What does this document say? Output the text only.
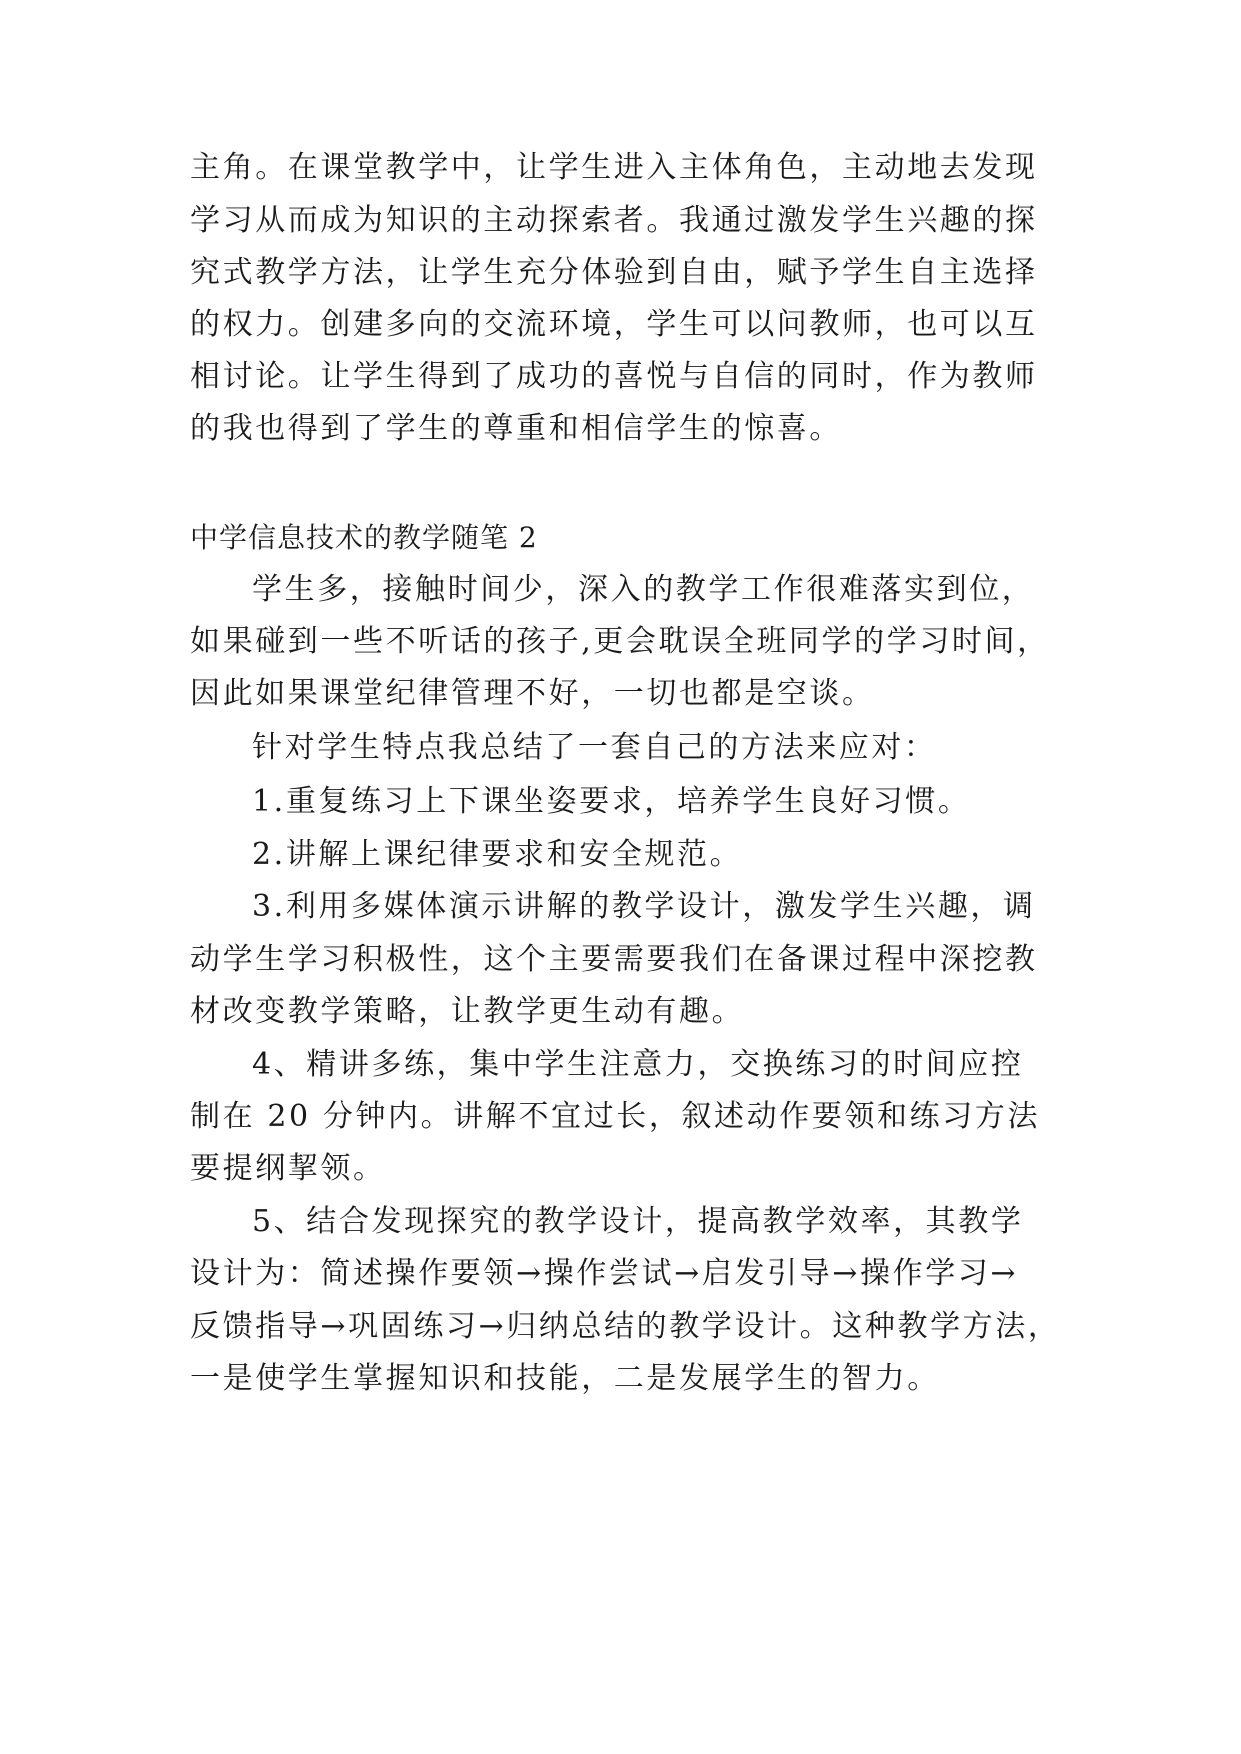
主角。在课堂教学中，让学生进入主体角色，主动地去发现
学习从而成为知识的主动探索者。我通过激发学生兴趣的探
究式教学方法，让学生充分体验到自由，赋予学生自主选择
的权力。创建多向的交流环境，学生可以问教师，也可以互
相讨论。让学生得到了成功的喜悦与自信的同时，作为教师
的我也得到了学生的尊重和相信学生的惊喜。
中学信息技术的教学随笔 2
学生多，接触时间少，深入的教学工作很难落实到位，
如果碰到一些不听话的孩子,更会耽误全班同学的学习时间，
因此如果课堂纪律管理不好，一切也都是空谈。
针对学生特点我总结了一套自己的方法来应对：
1.重复练习上下课坐姿要求，培养学生良好习惯。
2.讲解上课纪律要求和安全规范。
3.利用多媒体演示讲解的教学设计，激发学生兴趣，调
动学生学习积极性，这个主要需要我们在备课过程中深挖教
材改变教学策略，让教学更生动有趣。
4、精讲多练，集中学生注意力，交换练习的时间应控
制在 20 分钟内。讲解不宜过长，叙述动作要领和练习方法
要提纲挈领。
5、结合发现探究的教学设计，提高教学效率，其教学
设计为：简述操作要领→操作尝试→启发引导→操作学习→
反馈指导→巩固练习→归纳总结的教学设计。这种教学方法，
一是使学生掌握知识和技能，二是发展学生的智力。
